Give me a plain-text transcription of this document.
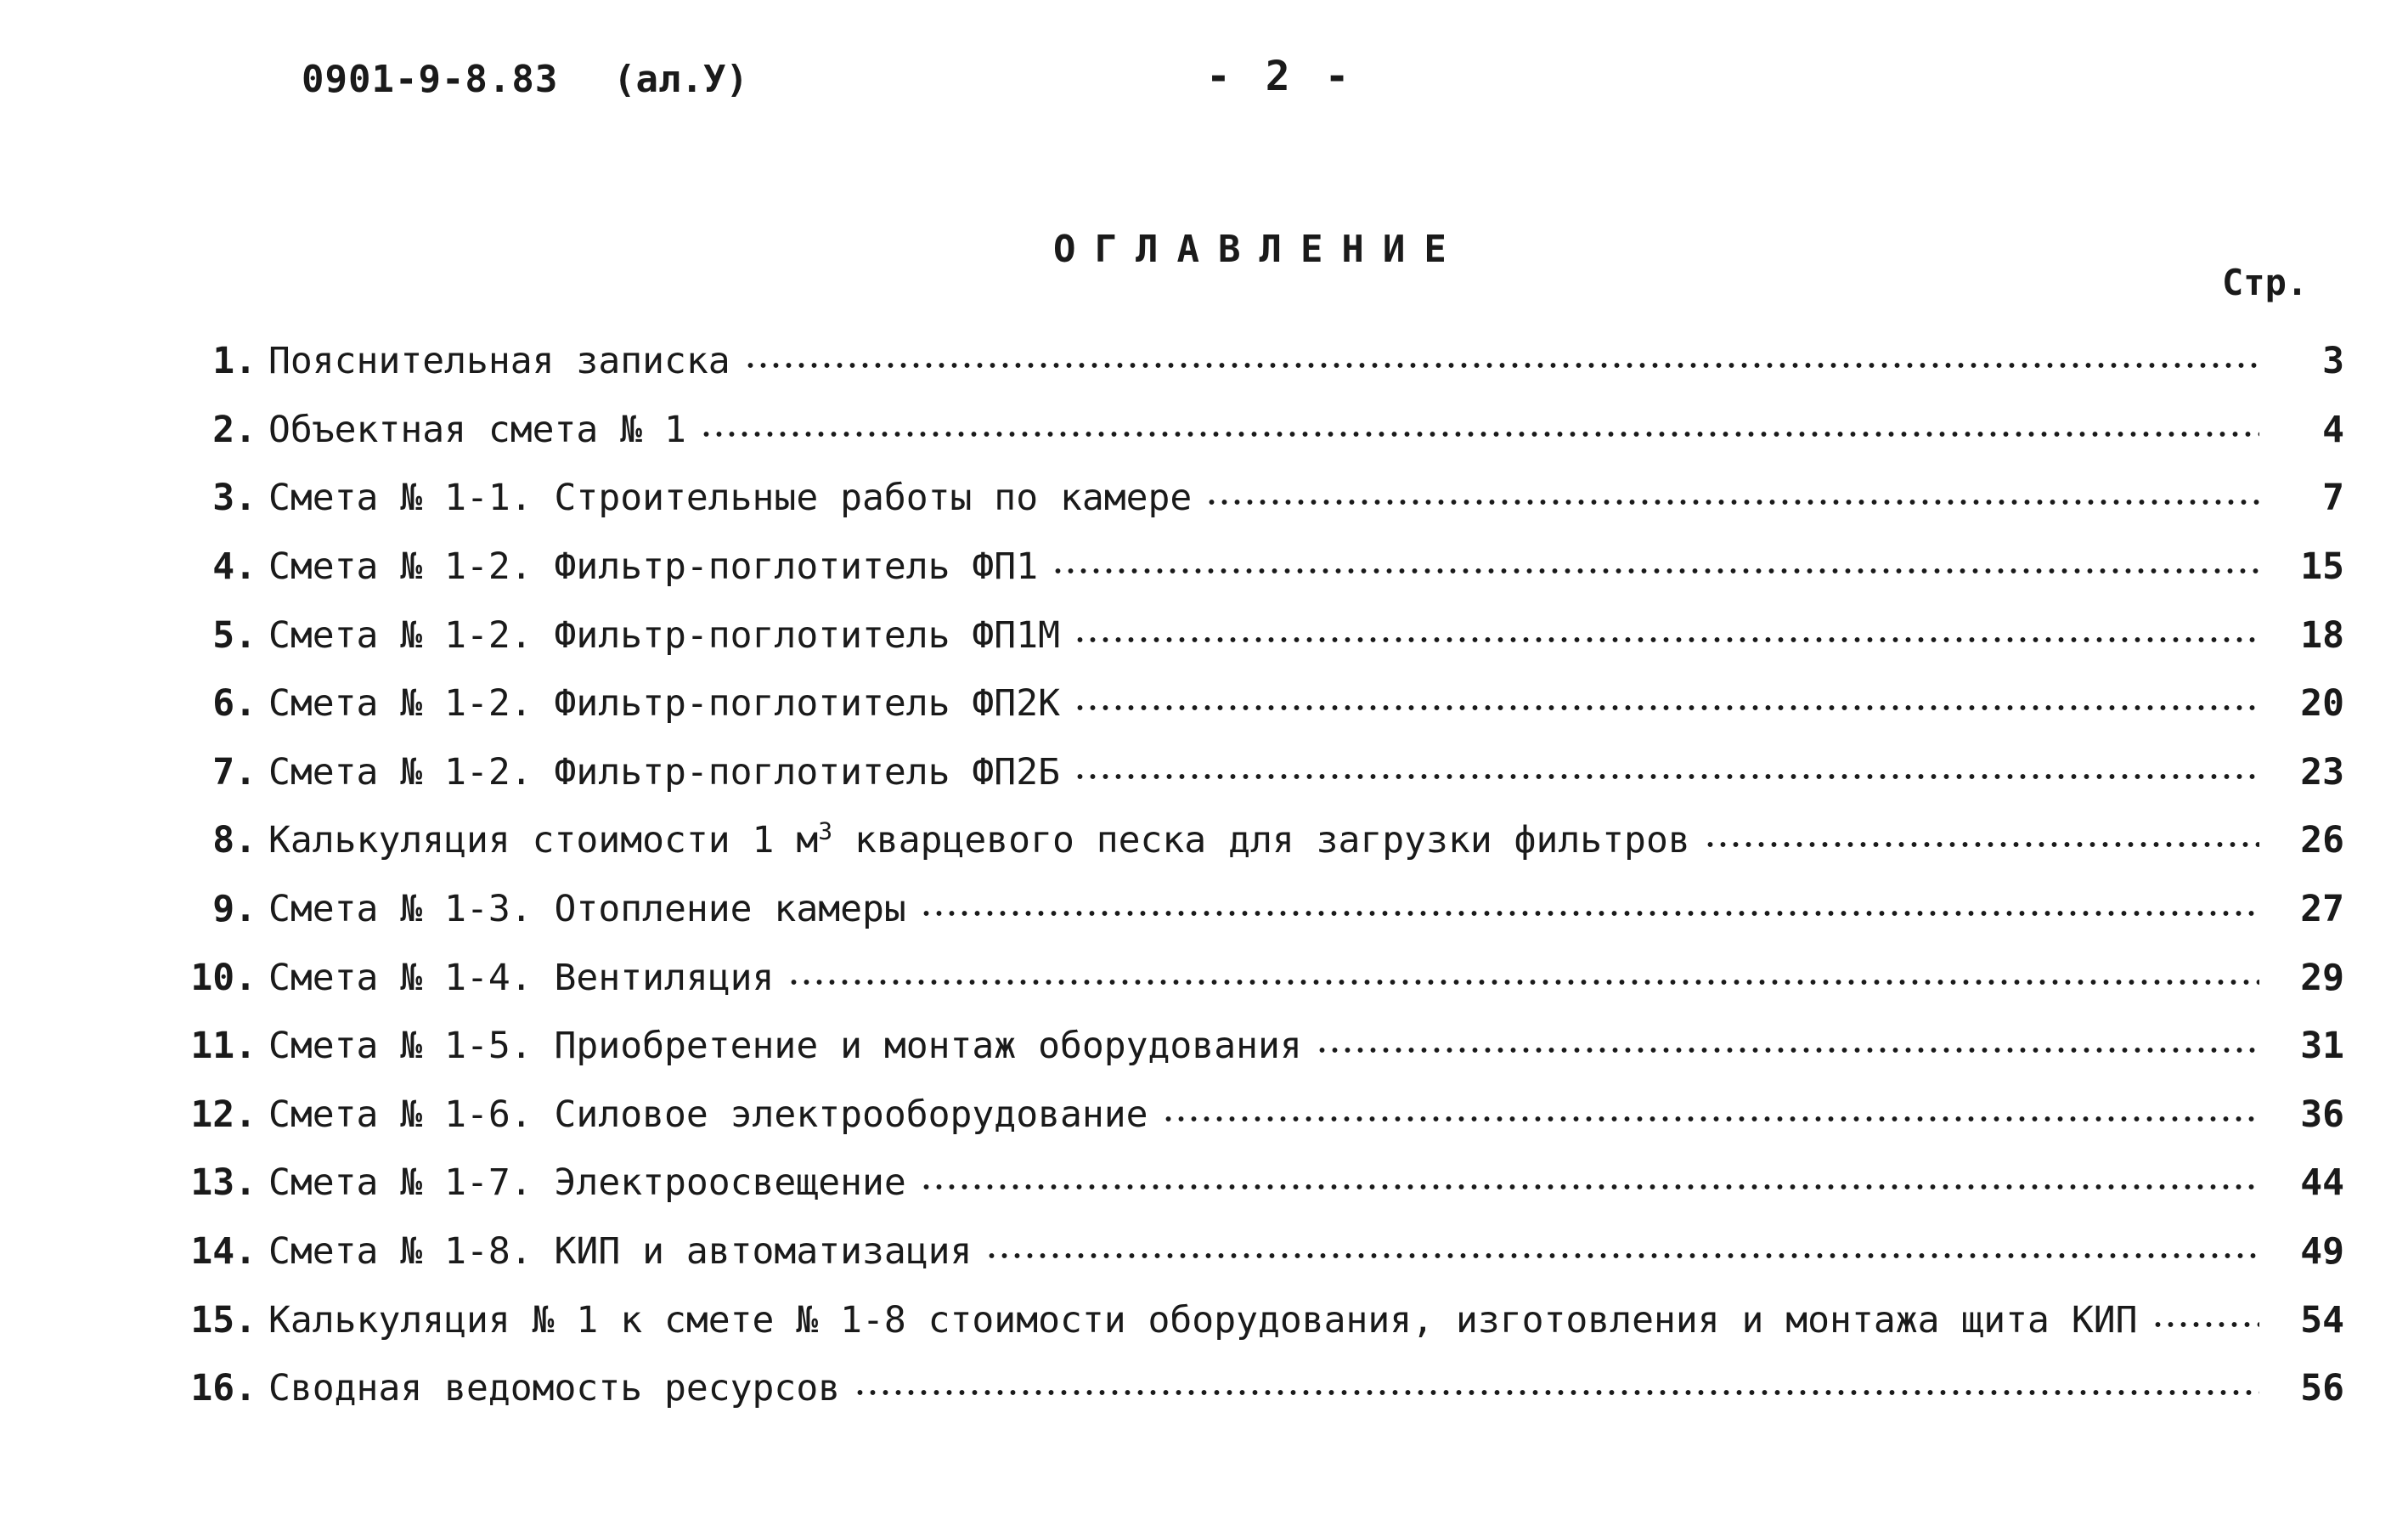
0901-9-8.83 (ал.У)	- 2 -
ОГЛАВЛЕНИЕ
Стр.
1. Пояснительная записка	3
2. Объектная смета № 1	4
3. Смета № 1-1. Строительные работы по камере	7
4. Смета № 1-2. Фильтр-поглотитель ФП1	15
5. Смета № 1-2. Фильтр-поглотитель ФП1М	18
6. Смета № 1-2. Фильтр-поглотитель ФП2К	20
7. Смета № 1-2. Фильтр-поглотитель ФП2Б	23
8. Калькуляция стоимости 1 $м^3$ кварцевого песка для загрузки фильтров	26
9. Смета № 1-3. Отопление камеры	27
10. Смета № 1-4. Вентиляция	29
11. Смета № 1-5. Приобретение и монтаж оборудования	31
12. Смета № 1-6. Силовое электрооборудование	36
13. Смета № 1-7. Электроосвещение	44
14. Смета № 1-8. КИП и автоматизация	49
15. Калькуляция № 1 к смете № 1-8 стоимости оборудования, изготовления и монтажа щита КИП	54
16. Сводная ведомость ресурсов	56
